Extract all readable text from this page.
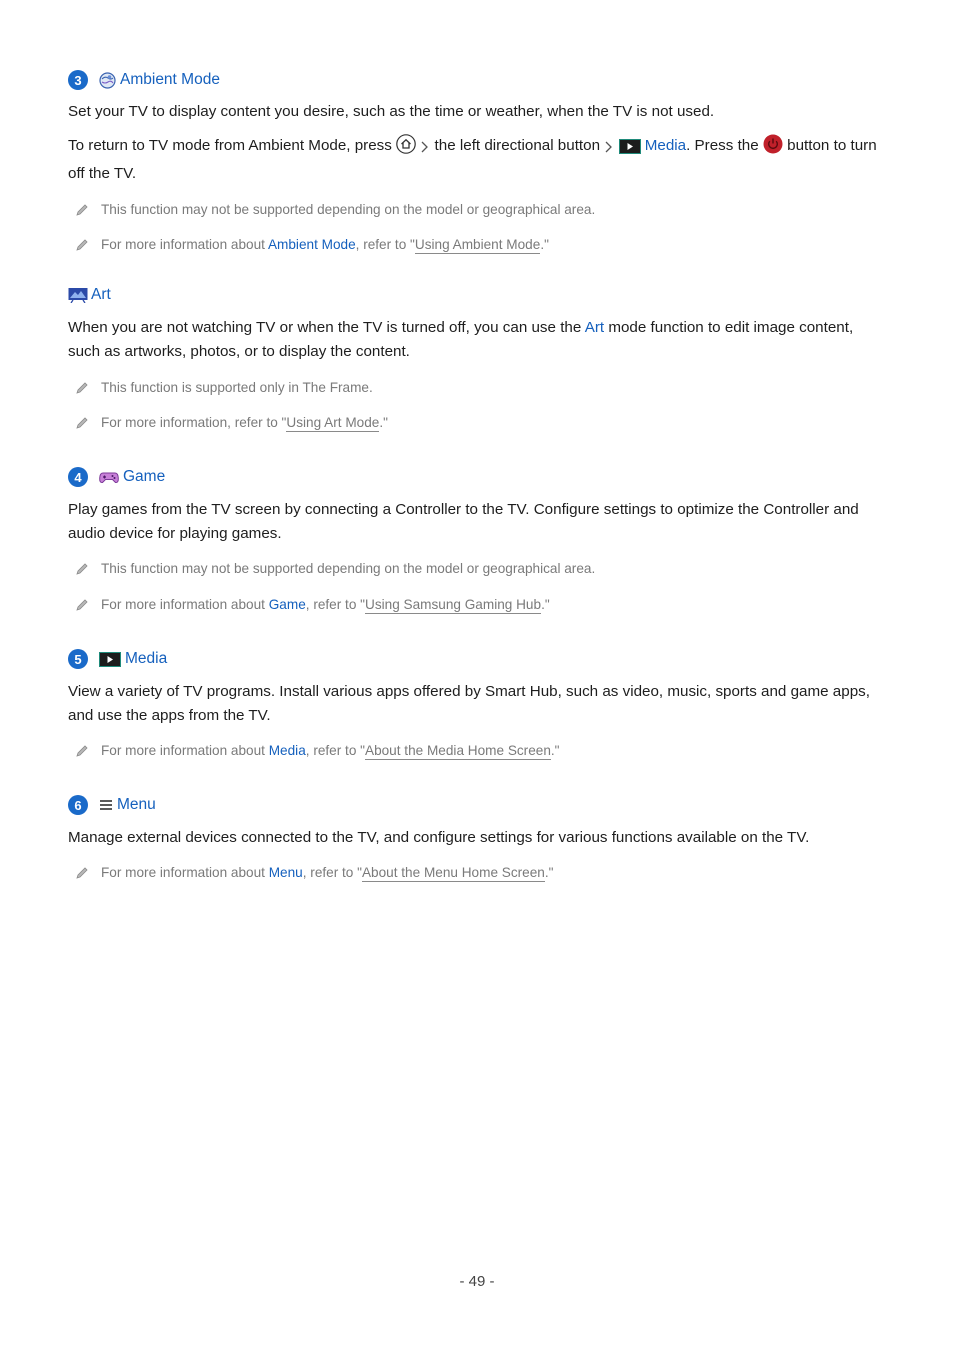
3	Ambient Mode

Set your TV to display content you desire, such as the time or weather, when the TV is not used.

To return to TV mode from Ambient Mode, press   the left directional button	Media. Press the  button to turn off the TV.

This function may not be supported depending on the model or geographical area.

For more information about Ambient Mode, refer to "Using Ambient Mode."

Art

When you are not watching TV or when the TV is turned off, you can use the Art mode function to edit image content, such as artworks, photos, or to display the content.

This function is supported only in The Frame.

For more information, refer to "Using Art Mode."

4	Game

Play games from the TV screen by connecting a Controller to the TV. Configure settings to optimize the Controller and audio device for playing games.

This function may not be supported depending on the model or geographical area.

For more information about Game, refer to "Using Samsung Gaming Hub."

5	Media

View a variety of TV programs. Install various apps offered by Smart Hub, such as video, music, sports and game apps, and use the apps from the TV.

For more information about Media, refer to "About the Media Home Screen."

6	Menu

Manage external devices connected to the TV, and configure settings for various functions available on the TV.

For more information about Menu, refer to "About the Menu Home Screen."

- 49 -
